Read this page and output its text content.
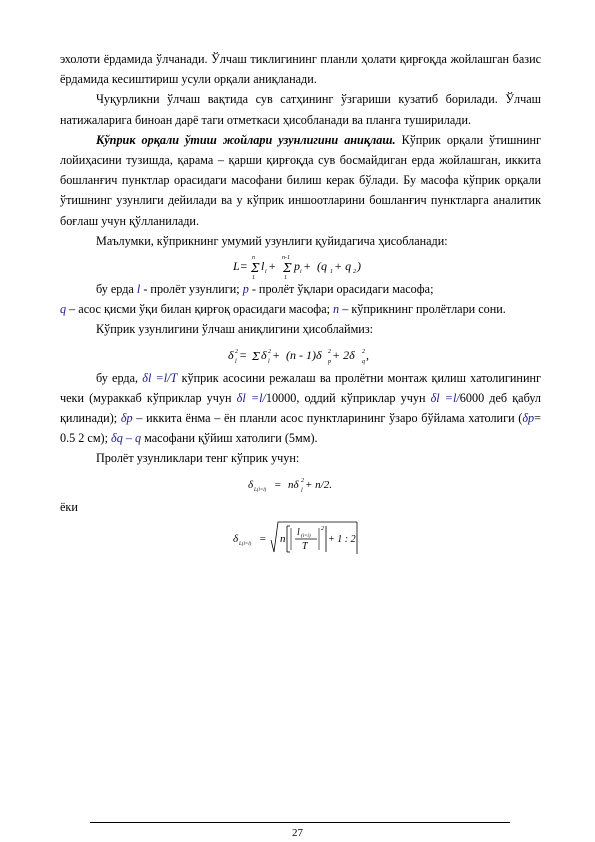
эхолоти ёрдамида ўлчанади. Ўлчаш тиклигининг планли ҳолати қирғоқда жойлашган базис ёрдамида кесиштириш усули орқали аниқланади.

Чуқурликни ўлчаш вақтида сув сатҳининг ўзгариши кузатиб борилади. Ўлчаш натижаларига биноан дарё таги отметкаси ҳисобланади ва планга туширилади.

Кўприк орқали ўтиш жойлари узунлигини аниқлаш. Кўприк орқали ўтишнинг лойиҳасини тузишда, қарама – қарши қирғоқда сув босмайдиган ерда жойлашган, иккита бошланғич пунктлар орасидаги масофани билиш керак бўлади. Бу масофа кўприк орқали ўтишнинг узунлиги дейилади ва у кўприк иншоотларини бошланғич пунктларга аналитик боғлаш учун қўлланилади.

Маълумки, кўприкнинг умумий узунлиги қуйидагича ҳисобланади:

L= Σ
n
1
l i + Σ
n-1
1
p i + (q 1 + q 2 )

бу ерда l - пролёт узунлиги; p - пролёт ўқлари орасидаги масофа;

q – асос қисми ўқи билан қирғоқ орасидаги масофа; n – кўприкнинг пролётлари сони.

Кўприк узунлигини ўлчаш аниқлигини ҳисоблаймиз:

δ 2
l = Σ δ 2
l + (n - 1)δ 2
p + 2δ 2
q ,

бу ерда, δl =l/T кўприк асосини режалаш ва пролётни монтаж қилиш хатолигининг чеки (мураккаб кўприклар учун δl =l/10000, оддий кўприклар учун δl =l/6000 деб қабул қилинади); δp – иккита ёнма – ён планли асос пунктларининг ўзаро бўйлама хатолиги (δp= 0.5 2 см); δq – q масофани қўйиш хатолиги (5мм).

Пролёт узунликлари тенг кўприк учун:

δ L(l=l) = nδ 2
l + n/2.

ёки

δ L(l=l) = n
l (i=i)
T
2
+ 1 : 2
27
